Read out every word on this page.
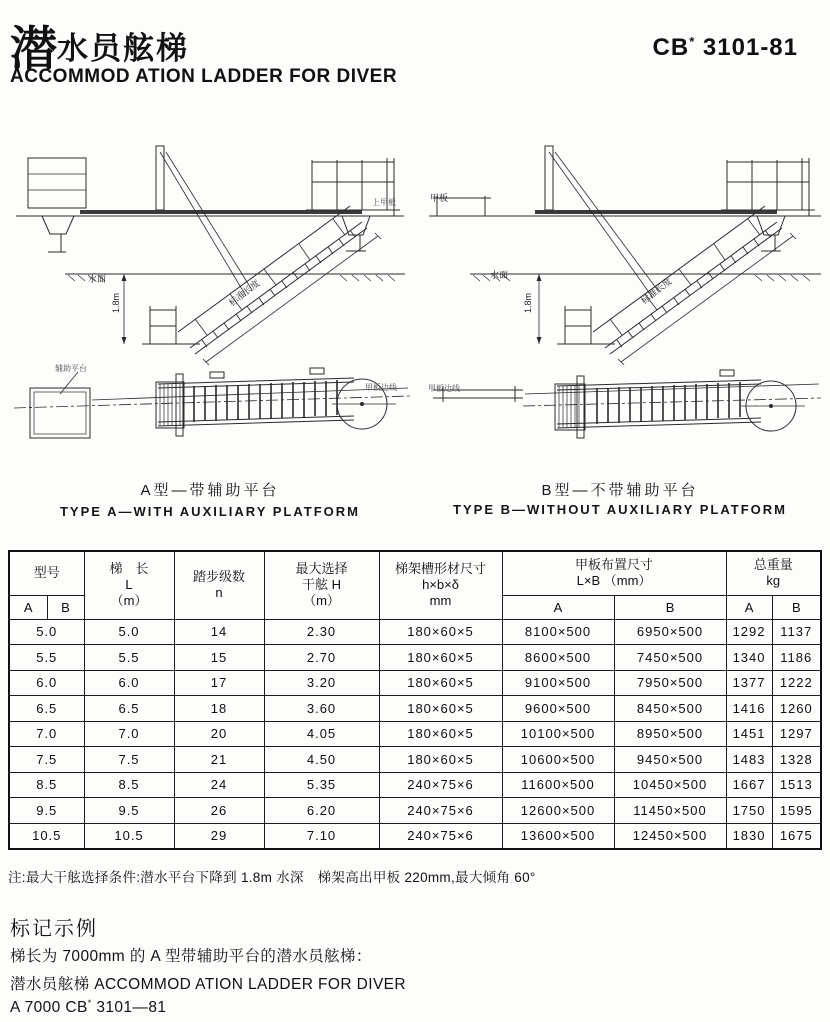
潜水员舷梯	CB* 3101-81
ACCOMMOD ATION LADDER FOR DIVER
上甲板
水面
1.8m	标准长度
甲板
水面
1.8m	标准长度
辅助平台
甲板边线	甲板边线
A型—带辅助平台
TYPE A—WITH AUXILIARY PLATFORM
B型—不带辅助平台
TYPE B—WITHOUT AUXILIARY PLATFORM
型号	梯　长
L
（m）

踏步级数
n

最大选择
干舷 H
（m）

梯架槽形材尺寸
h×b×δ
mm

甲板布置尺寸
L×B （mm）

总重量
kg

A	B					A	B	A	B
5.0		5.0	14	2.30	180×60×5	8100×500	6950×500	1292	1137
5.5		5.5	15	2.70	180×60×5	8600×500	7450×500	1340	1186
6.0		6.0	17	3.20	180×60×5	9100×500	7950×500	1377	1222
6.5		6.5	18	3.60	180×60×5	9600×500	8450×500	1416	1260
7.0		7.0	20	4.05	180×60×5	10100×500	8950×500	1451	1297
7.5		7.5	21	4.50	180×60×5	10600×500	9450×500	1483	1328
8.5		8.5	24	5.35	240×75×6	11600×500	10450×500	1667	1513
9.5		9.5	26	6.20	240×75×6	12600×500	11450×500	1750	1595
10.5		10.5	29	7.10	240×75×6	13600×500	12450×500	1830	1675
注:最大干舷选择条件:潜水平台下降到 1.8m 水深　梯架高出甲板 220mm,最大倾角 60°
标记示例
梯长为 7000mm 的 A 型带辅助平台的潜水员舷梯：
潜水员舷梯 ACCOMMOD ATION LADDER FOR DIVER
A 7000 CB* 3101—81
